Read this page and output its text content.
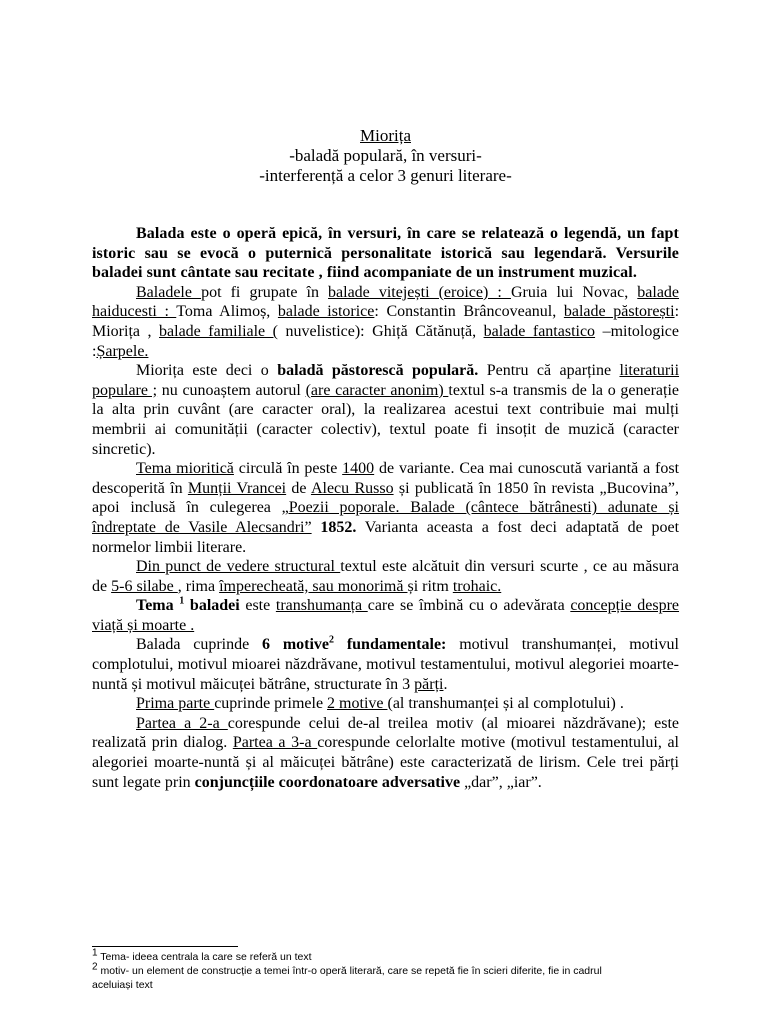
Miorița
-baladă populară, în versuri-
-interferență a celor 3 genuri literare-

Balada este o operă epică, în versuri, în care se relatează o legendă, un fapt istoric sau se evocă o puternică personalitate istorică sau legendară. Versurile baladei sunt cântate sau recitate , fiind acompaniate de un instrument muzical.

Baladele pot fi grupate în balade vitejești (eroice) : Gruia lui Novac, balade haiducesti : Toma Alimoș, balade istorice: Constantin Brâncoveanul, balade păstorești: Miorița , balade familiale ( nuvelistice): Ghiță Cătănuță, balade fantastico –mitologice :Șarpele.

Miorița este deci o baladă păstorescă populară. Pentru că aparține literaturii populare ; nu cunoaștem autorul (are caracter anonim) textul s-a transmis de la o generație la alta prin cuvânt (are caracter oral), la realizarea acestui text contribuie mai mulți membrii ai comunității (caracter colectiv), textul poate fi insoțit de muzică (caracter sincretic).

Tema mioritică circulă în peste 1400 de variante. Cea mai cunoscută variantă a fost descoperită în Munții Vrancei de Alecu Russo și publicată în 1850 în revista „Bucovina”, apoi inclusă în culegerea „Poezii poporale. Balade (cântece bătrânesti) adunate și îndreptate de Vasile Alecsandri” 1852. Varianta aceasta a fost deci adaptată de poet normelor limbii literare.

Din punct de vedere structural textul este alcătuit din versuri scurte , ce au măsura de 5-6 silabe , rima împerecheată, sau monorimă și ritm trohaic.

Tema $^1$ baladei este transhumanța care se îmbină cu o adevărata concepție despre viață și moarte .

Balada cuprinde 6 motive$^2$ fundamentale: motivul transhumanței, motivul complotului, motivul mioarei năzdrăvane, motivul testamentului, motivul alegoriei moarte-nuntă și motivul măicuței bătrâne, structurate în 3 părți.

Prima parte cuprinde primele 2 motive (al transhumanței și al complotului) .

Partea a 2-a corespunde celui de-al treilea motiv (al mioarei năzdrăvane); este realizată prin dialog. Partea a 3-a corespunde celorlalte motive (motivul testamentului, al alegoriei moarte-nuntă și al măicuței bătrâne) este caracterizată de lirism. Cele trei părți sunt legate prin conjuncțiile coordonatoare adversative „dar”, „iar”.

$^1$ Tema- ideea centrala la care se referă un text
$^2$ motiv- un element de construcție a temei într-o operă literară, care se repetă fie în scieri diferite, fie in cadrul aceluiași text
